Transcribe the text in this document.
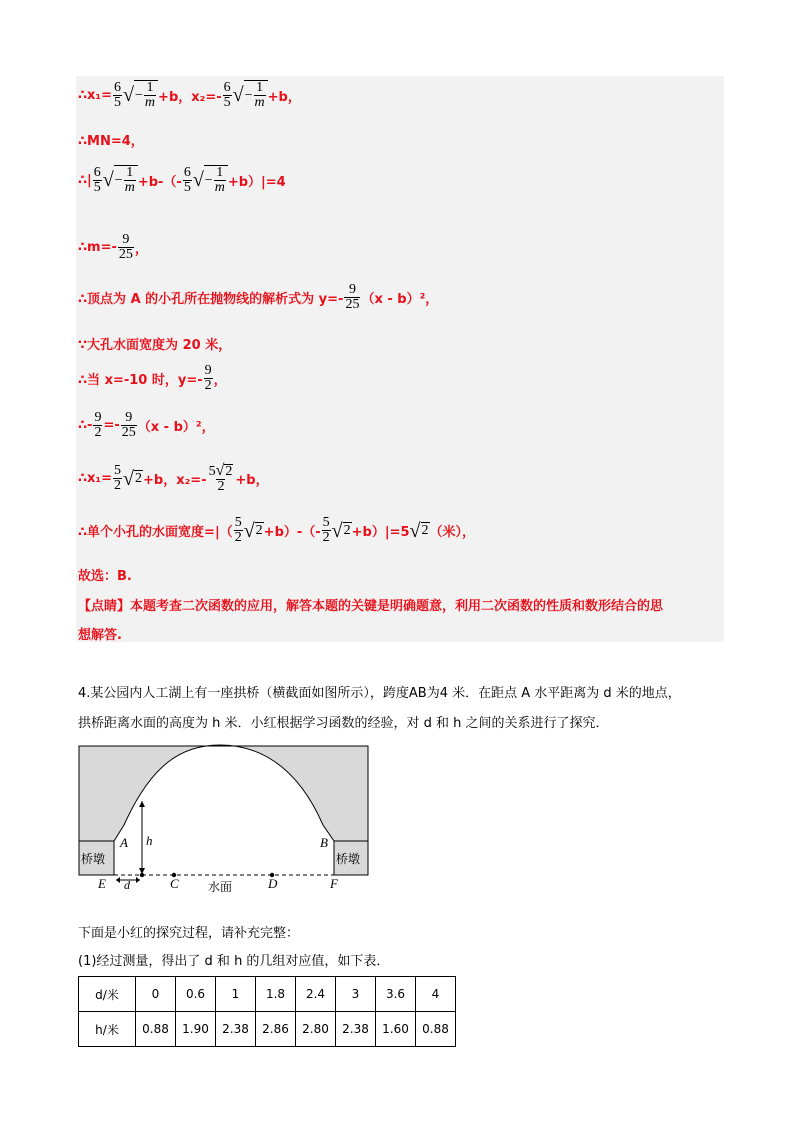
∴x₁= $\frac{6}{5}$ √ − $\frac{1}{m} +b$，$x_2=- \frac{6}{5}$ √ − $\frac{1}{m} +b$，
∴MN=4，
∴| $\frac{6}{5}$ √ − $\frac{1}{m} +b-(- \frac{6}{5}$ √ − $\frac{1}{m} +b)|=4$
∴m=- $\frac{9}{25}$ ，
∴顶点为 A 的小孔所在抛物线的解析式为 $y=- \frac{9}{25} (x - b)^2$，
∵大孔水面宽度为 20 米，
∴当 x=-10 时，$y=- \frac{9}{2}$ ，
∴- $\frac{9}{2} =- \frac{9}{25} (x - b)^2$，
∴x₁= $\frac{5}{2}$ √ 2 +b，$x_2=- \frac{5 √ 2}{2} +b$，
∴单个小孔的水面宽度=|（ $\frac{5}{2}$ √ $2 +b)-(- \frac{5}{2}$ √ 2 +b）|=5 √ 2 （米），
故选：B.
【点睛】本题考查二次函数的应用，解答本题的关键是明确题意，利用二次函数的性质和数形结合的思
想解答.
4.某公园内人工湖上有一座拱桥（横截面如图所示），跨度AB为4 米．在距点 A 水平距离为 d 米的地点，
拱桥距离水面的高度为 h 米．小红根据学习函数的经验，对 d 和 h 之间的关系进行了探究．
桥墩	桥墩
A	B
h
d
E	C	D	F
水面
下面是小红的探究过程，请补充完整：
(1)经过测量，得出了 d 和 h 的几组对应值，如下表．
d/米	0	0.6	1	1.8	2.4	3	3.6	4
h/米	0.88	1.90	2.38	2.86	2.80	2.38	1.60	0.88
